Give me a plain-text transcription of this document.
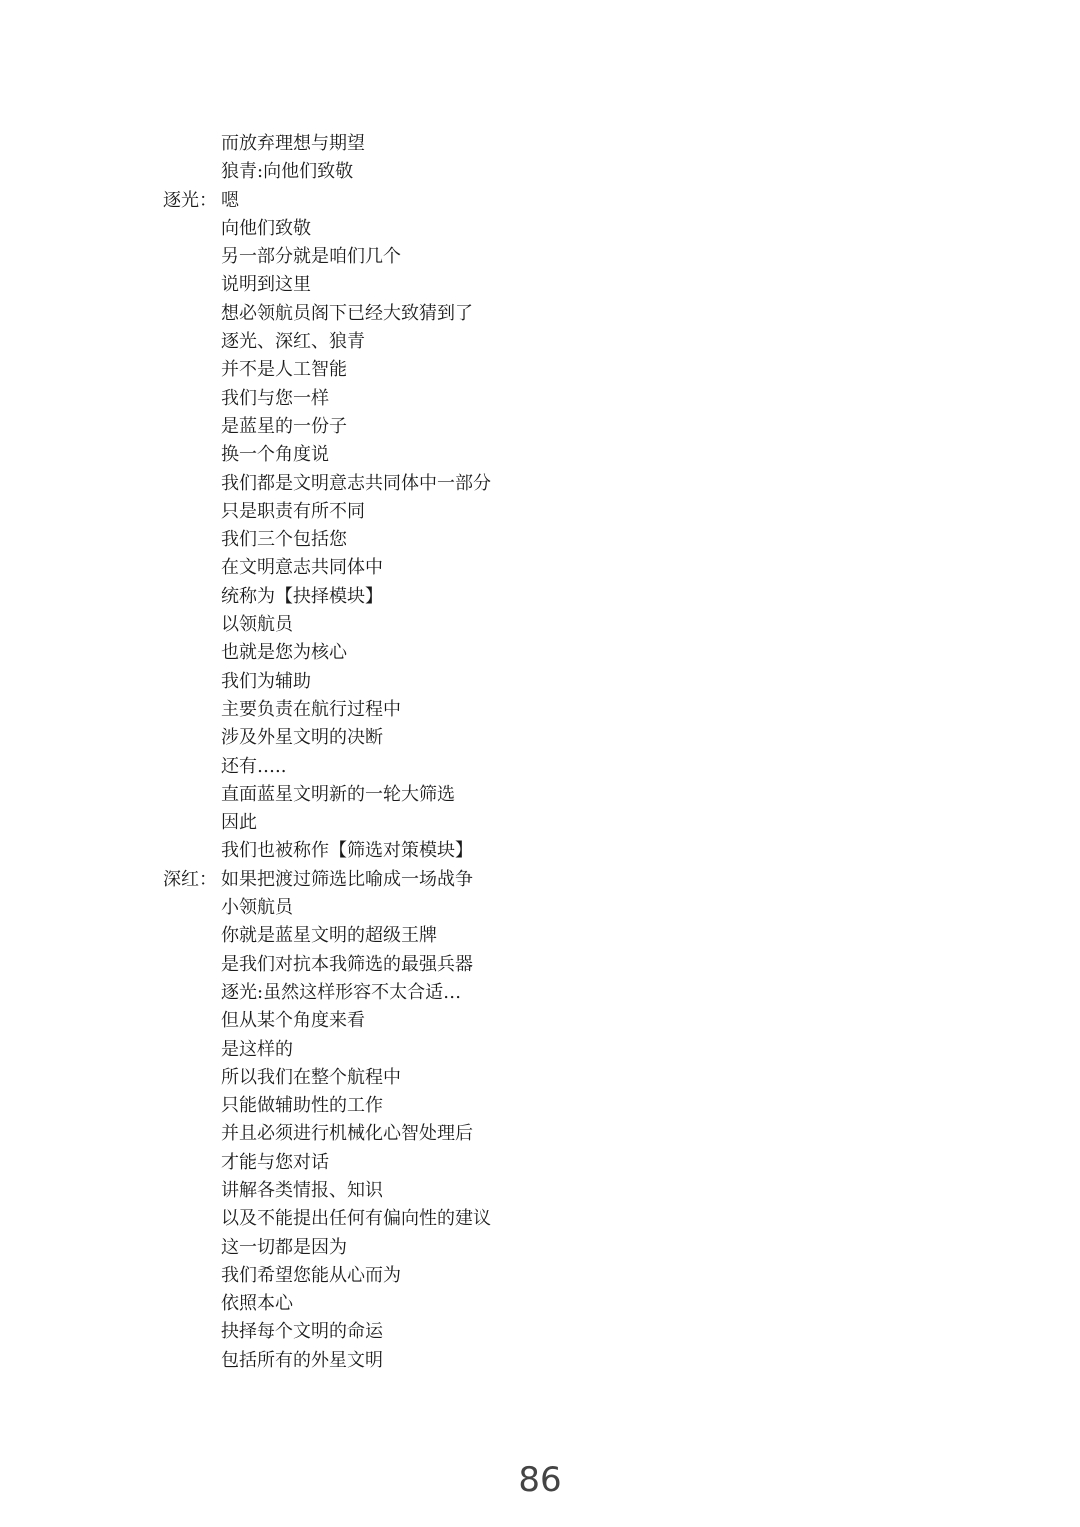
而放弃理想与期望
狼青:向他们致敬
逐光： 嗯
向他们致敬
另一部分就是咱们几个
说明到这里
想必领航员阁下已经大致猜到了
逐光、深红、狼青
并不是人工智能
我们与您一样
是蓝星的一份子
换一个角度说
我们都是文明意志共同体中一部分
只是职责有所不同
我们三个包括您
在文明意志共同体中
统称为【抉择模块】
以领航员
也就是您为核心
我们为辅助
主要负责在航行过程中
涉及外星文明的决断
还有…..
直面蓝星文明新的一轮大筛选
因此
我们也被称作【筛选对策模块】
深红： 如果把渡过筛选比喻成一场战争
小领航员
你就是蓝星文明的超级王牌
是我们对抗本我筛选的最强兵器
逐光:虽然这样形容不太合适…
但从某个角度来看
是这样的
所以我们在整个航程中
只能做辅助性的工作
并且必须进行机械化心智处理后
才能与您对话
讲解各类情报、知识
以及不能提出任何有偏向性的建议
这一切都是因为
我们希望您能从心而为
依照本心
抉择每个文明的命运
包括所有的外星文明
86
